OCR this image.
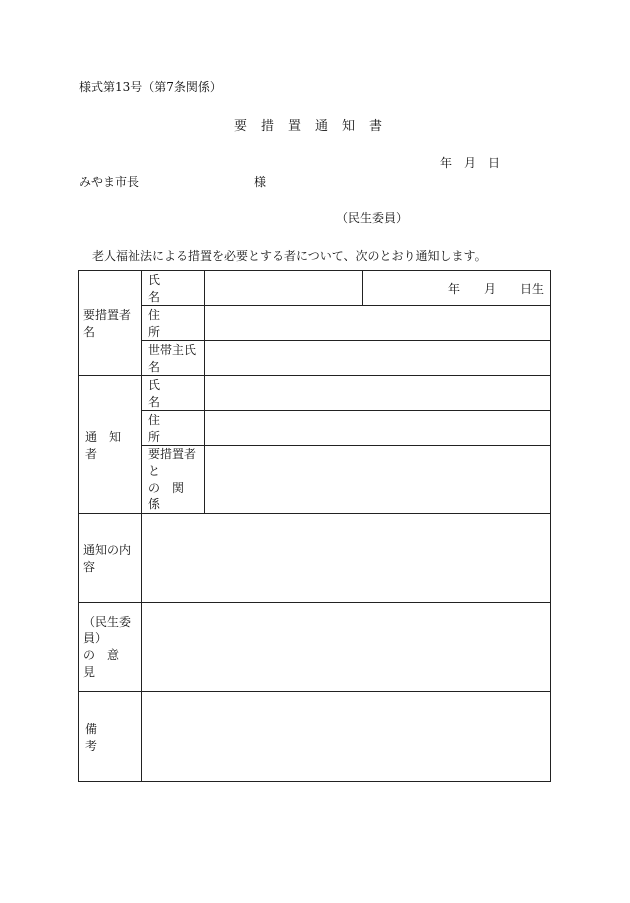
様式第13号（第7条関係）
要措置通知書
年　月　日
みやま市長	様
（民生委員）
老人福祉法による措置を必要とする者について、次のとおり通知します。
要措置者名	氏　　　名		年　　月　　日生
	住　　　所		
	世帯主氏名		
通　知　者	氏　　　名		
	住　　　所		

	要措置者と
の　関　係		

通知の内容			

（民生委員）
の　意　見			

備　　　考			
